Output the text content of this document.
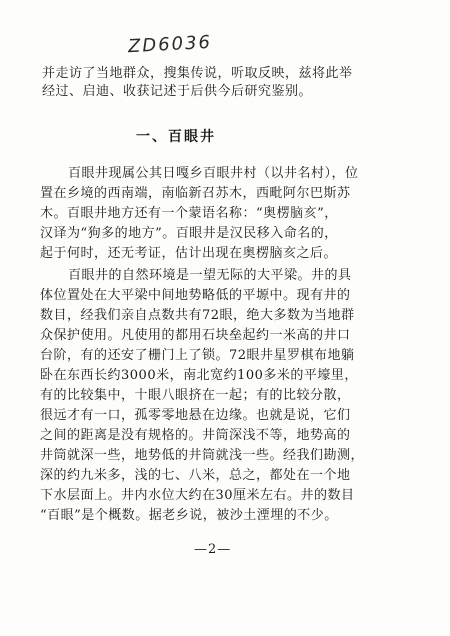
ZD6036
并走访了当地群众，搜集传说，听取反映，兹将此举
经过、启迪、收获记述于后供今后研究鉴别。
一、百眼井
百眼井现属公其日嘎乡百眼井村（以井名村），位
置在乡境的西南端，南临新召苏木，西毗阿尔巴斯苏
木。百眼井地方还有一个蒙语名称：“奥楞脑亥”，
汉译为“狗多的地方”。百眼井是汉民移入命名的，
起于何时，还无考证，估计出现在奥楞脑亥之后。
百眼井的自然环境是一望无际的大平梁。井的具
体位置处在大平梁中间地势略低的平塬中。现有井的
数目，经我们亲自点数共有72眼，绝大多数为当地群
众保护使用。凡使用的都用石块垒起约一米高的井口
台阶，有的还安了栅门上了锁。72眼井星罗棋布地躺
卧在东西长约3000米，南北宽约100多米的平壕里，
有的比较集中，十眼八眼挤在一起；有的比较分散，
很远才有一口，孤零零地悬在边缘。也就是说，它们
之间的距离是没有规格的。井筒深浅不等，地势高的
井筒就深一些，地势低的井筒就浅一些。经我们勘测，
深的约九米多，浅的七、八米，总之，都处在一个地
下水层面上。井内水位大约在30厘米左右。井的数目
“百眼”是个概数。据老乡说，被沙土湮埋的不少。
—2—
